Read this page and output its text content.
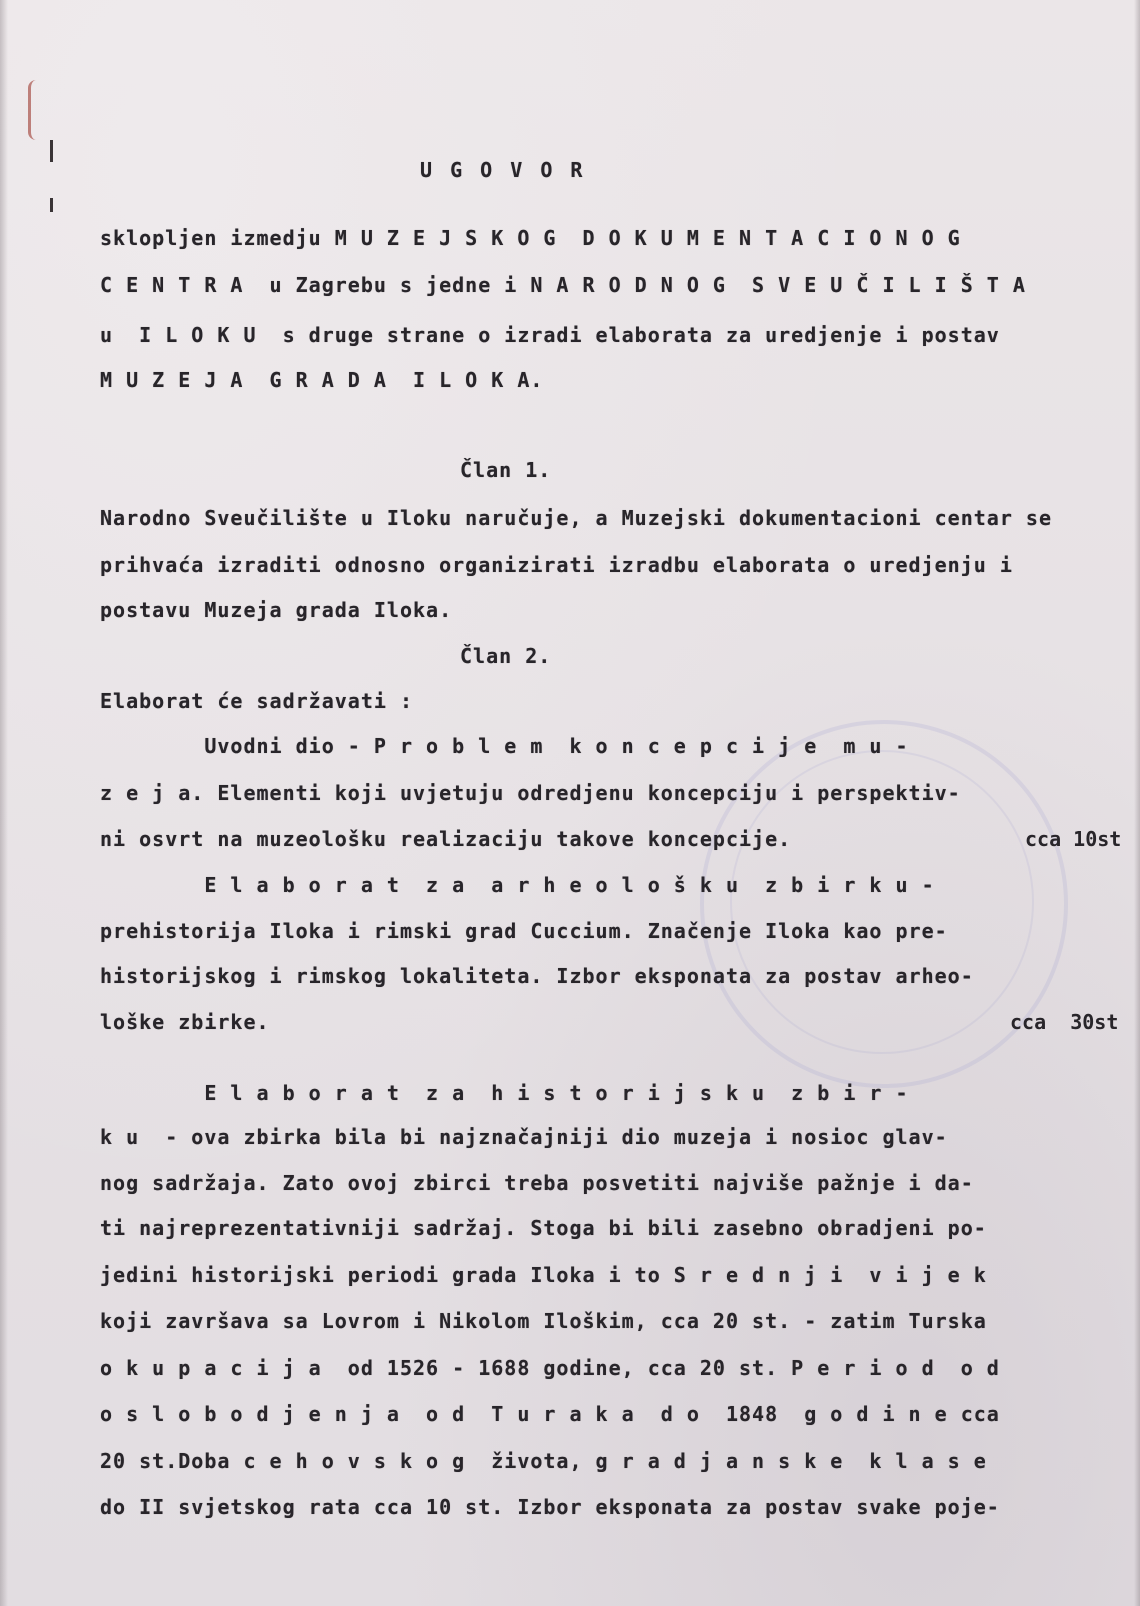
U G O V O R
sklopljen izmedju M U Z E J S K O G  D O K U M E N T A C I O N O G
C E N T R A  u Zagrebu s jedne i N A R O D N O G  S V E U Č I L I Š T A
u  I L O K U  s druge strane o izradi elaborata za uredjenje i postav
M U Z E J A  G R A D A  I L O K A.
Član 1.
Narodno Sveučilište u Iloku naručuje, a Muzejski dokumentacioni centar se
prihvaća izraditi odnosno organizirati izradbu elaborata o uredjenju i
postavu Muzeja grada Iloka.
Član 2.
Elaborat će sadržavati :
Uvodni dio - P r o b l e m  k o n c e p c i j e  m u -
z e j a. Elementi koji uvjetuju odredjenu koncepciju i perspektiv-
ni osvrt na muzeološku realizaciju takove koncepcije.
E l a b o r a t  z a  a r h e o l o š k u  z b i r k u -
prehistorija Iloka i rimski grad Cuccium. Značenje Iloka kao pre-
historijskog i rimskog lokaliteta. Izbor eksponata za postav arheo-
loške zbirke.
E l a b o r a t  z a  h i s t o r i j s k u  z b i r -
k u  - ova zbirka bila bi najznačajniji dio muzeja i nosioc glav-
nog sadržaja. Zato ovoj zbirci treba posvetiti najviše pažnje i da-
ti najreprezentativniji sadržaj. Stoga bi bili zasebno obradjeni po-
jedini historijski periodi grada Iloka i to S r e d n j i  v i j e k
koji završava sa Lovrom i Nikolom Iloškim, cca 20 st. - zatim Turska
o k u p a c i j a  od 1526 - 1688 godine, cca 20 st. P e r i o d  o d
o s l o b o d j e n j a  o d  T u r a k a  d o  1848  g o d i n e cca
20 st.Doba c e h o v s k o g  života, g r a d j a n s k e  k l a s e
do II svjetskog rata cca 10 st. Izbor eksponata za postav svake poje-
cca 10st
cca  30st
